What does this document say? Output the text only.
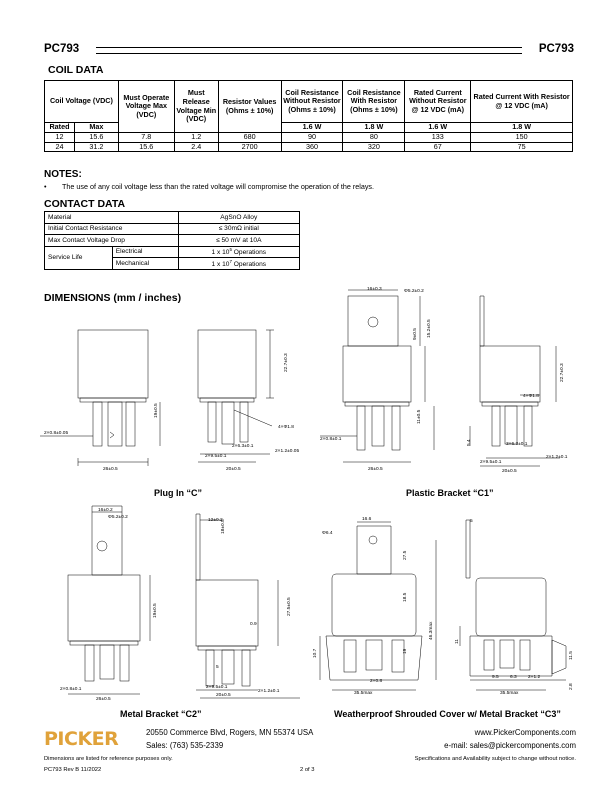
PC793	PC793
COIL DATA
Coil Voltage (VDC)		Must Operate Voltage Max (VDC)	Must Release Voltage Min (VDC)	Resistor Values (Ohms ± 10%)	Coil Resistance Without Resistor (Ohms ± 10%)	Coil Resistance With Resistor (Ohms ± 10%)	Rated Current Without Resistor @ 12 VDC (mA)	Rated Current With Resistor @ 12 VDC (mA)
Rated	Max				1.6 W	1.8 W	1.6 W	1.8 W
12	15.6	7.8	1.2	680	90	80	133	150
24	31.2	15.6	2.4	2700	360	320	67	75
NOTES:
• The use of any coil voltage less than the rated voltage will compromise the operation of the relays.
CONTACT DATA
Material		AgSnO Alloy
Initial Contact Resistance		≤ 30mΩ initial
Max Contact Voltage Drop		≤ 50 mV at 10A
Service Life	Electrical	1 x $10^5$ Operations
	Mechanical	1 x $10^7$ Operations
DIMENSIONS (mm / inches)
2×0.8±0.05
26±0.5
19±0.5
22.7±0.3
4×Φ1.8
2×6.3±0.1
2×9.5±0.1
2×1.2±0.05
20±0.5
16±0.3	Φ5.2±0.2
15.2±0.5
9±0.5
11±0.5
2×0.8±0.1
26±0.5
4×Φ1.8
5.4	3×6.3±0.1
2×9.5±0.1
20±0.5
2×1.2±0.1
22.7±0.3
16±0.2
Φ5.2±0.2
12±0.2
27.5±0.5
18±0.5
19±0.5
0.9
5
26±0.5
2×0.8±0.1	2×9.5±0.1
20±0.5
2×1.2±0.1
16.6
Φ6.4
27.5
18.5
46.3max
10.7	19
2×0.8
35.5max
5
11
9.5 6.3 2×1.2
35.5max
11.5
2.8
Plug In “C”	Plastic Bracket “C1”
Metal Bracket “C2”	Weatherproof Shrouded Cover w/ Metal Bracket “C3”
PICKER	20550 Commerce Blvd, Rogers, MN 55374 USA
Sales: (763) 535-2339
www.PickerComponents.com
e-mail: sales@pickercomponents.com
Dimensions are listed for reference purposes only.	Specifications and Availability subject to change without notice.
PC793 Rev B 11/2022	2 of 3
